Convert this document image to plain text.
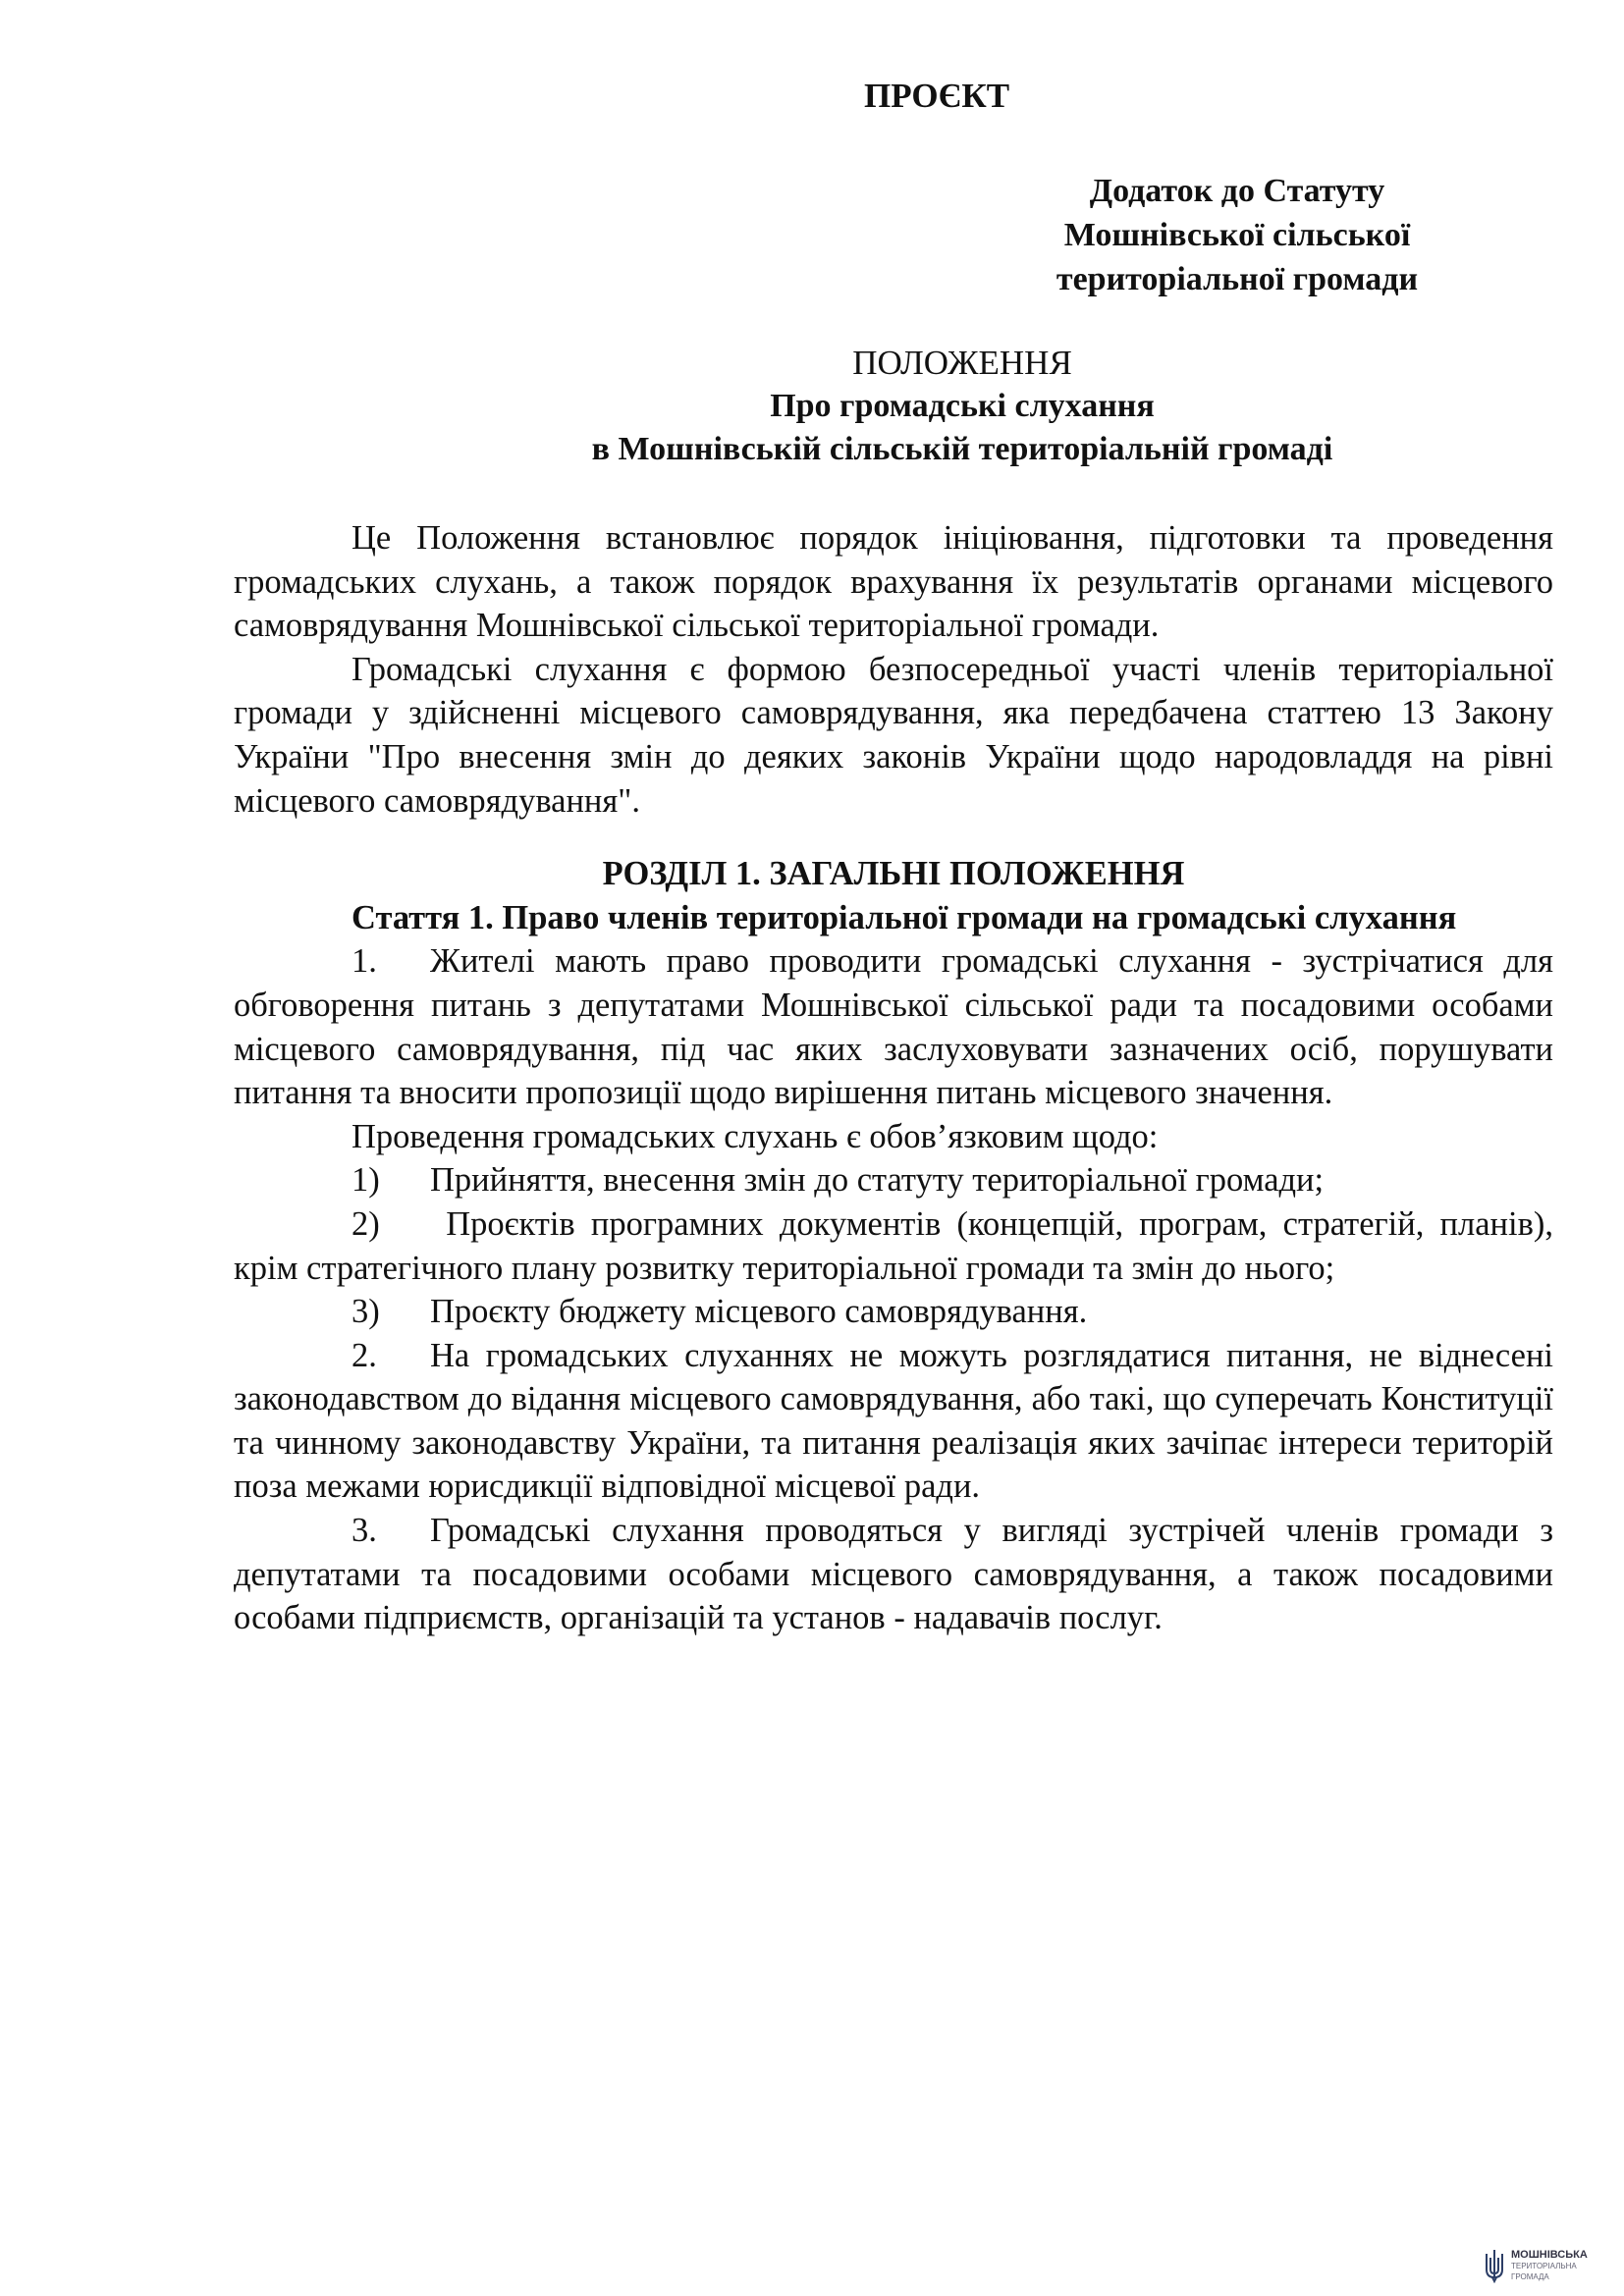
ПРОЄКТ
Додаток до Статуту
Мошнівської сільської
територіальної громади
ПОЛОЖЕННЯ
Про громадські слухання
в Мошнівській сільській територіальній громаді

Це Положення встановлює порядок ініціювання, підготовки та проведення громадських слухань, а також порядок врахування їх результатів органами місцевого самоврядування Мошнівської сільської територіальної громади.

Громадські слухання є формою безпосередньої участі членів територіальної громади у здійсненні місцевого самоврядування, яка передбачена статтею 13 Закону України "Про внесення змін до деяких законів України щодо народовладдя на рівні місцевого самоврядування".

РОЗДІЛ 1. ЗАГАЛЬНІ ПОЛОЖЕННЯ

Стаття 1. Право членів територіальної громади на громадські слухання

1. Жителі мають право проводити громадські слухання - зустрічатися для обговорення питань з депутатами Мошнівської сільської ради та посадовими особами місцевого самоврядування, під час яких заслуховувати зазначених осіб, порушувати питання та вносити пропозиції щодо вирішення питань місцевого значення.

Проведення громадських слухань є обов’язковим щодо:

1) Прийняття, внесення змін до статуту територіальної громади;

2) Проєктів програмних документів (концепцій, програм, стратегій, планів), крім стратегічного плану розвитку територіальної громади та змін до нього;

3) Проєкту бюджету місцевого самоврядування.

2. На громадських слуханнях не можуть розглядатися питання, не віднесені законодавством до відання місцевого самоврядування, або такі, що суперечать Конституції та чинному законодавству України, та питання реалізація яких зачіпає інтереси територій поза межами юрисдикції відповідної місцевої ради.

3. Громадські слухання проводяться у вигляді зустрічей членів громади з депутатами та посадовими особами місцевого самоврядування, а також посадовими особами підприємств, організацій та установ - надавачів послуг.

МОШНІВСЬКА
ТЕРИТОРІАЛЬНА
ГРОМАДА
